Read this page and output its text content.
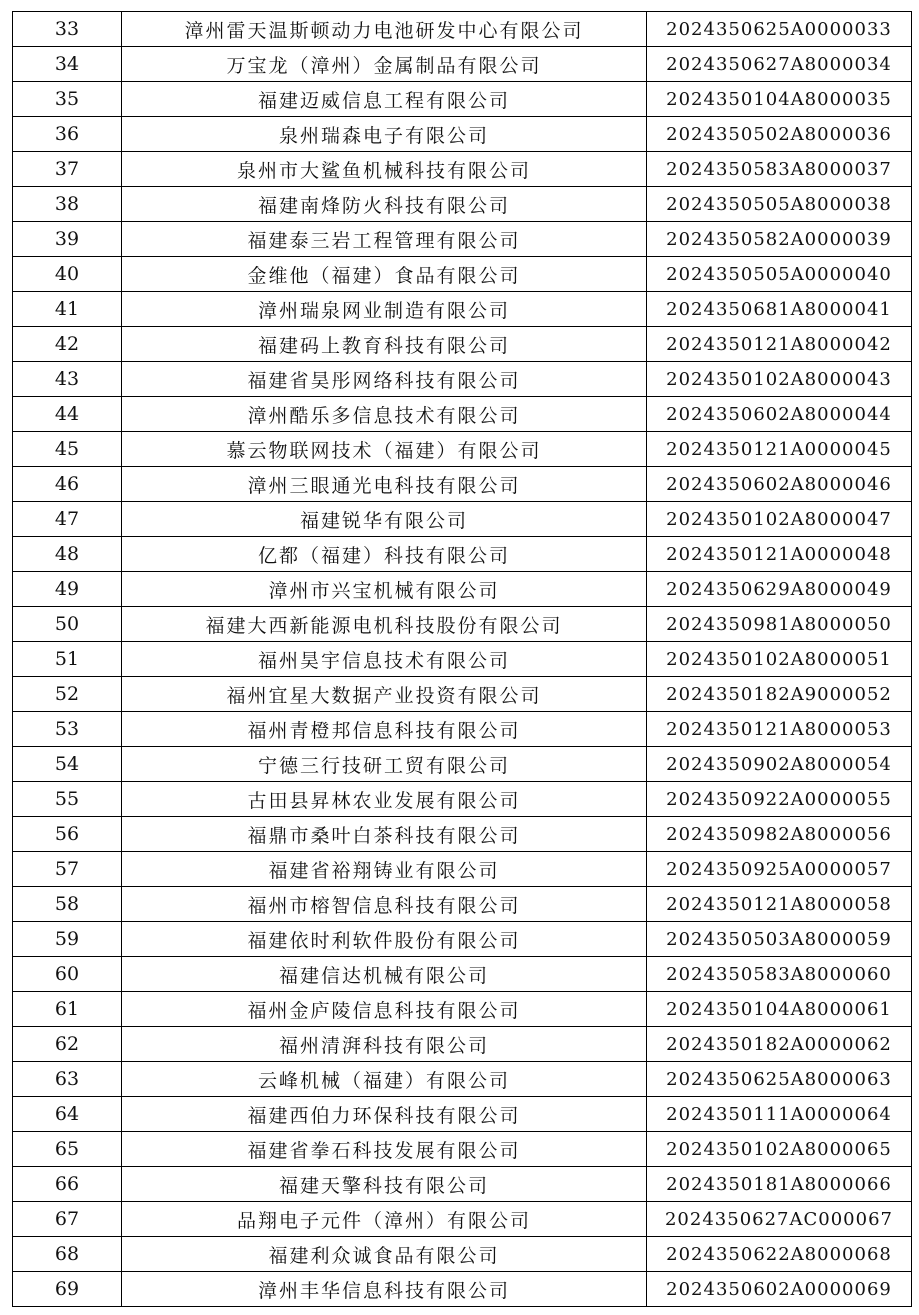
33	漳州雷天温斯顿动力电池研发中心有限公司	2024350625A0000033
34	万宝龙（漳州）金属制品有限公司	2024350627A8000034
35	福建迈威信息工程有限公司	2024350104A8000035
36	泉州瑞森电子有限公司	2024350502A8000036
37	泉州市大鲨鱼机械科技有限公司	2024350583A8000037
38	福建南烽防火科技有限公司	2024350505A8000038
39	福建泰三岩工程管理有限公司	2024350582A0000039
40	金维他（福建）食品有限公司	2024350505A0000040
41	漳州瑞泉网业制造有限公司	2024350681A8000041
42	福建码上教育科技有限公司	2024350121A8000042
43	福建省昊彤网络科技有限公司	2024350102A8000043
44	漳州酷乐多信息技术有限公司	2024350602A8000044
45	慕云物联网技术（福建）有限公司	2024350121A0000045
46	漳州三眼通光电科技有限公司	2024350602A8000046
47	福建锐华有限公司	2024350102A8000047
48	亿都（福建）科技有限公司	2024350121A0000048
49	漳州市兴宝机械有限公司	2024350629A8000049
50	福建大西新能源电机科技股份有限公司	2024350981A8000050
51	福州昊宇信息技术有限公司	2024350102A8000051
52	福州宜星大数据产业投资有限公司	2024350182A9000052
53	福州青橙邦信息科技有限公司	2024350121A8000053
54	宁德三行技研工贸有限公司	2024350902A8000054
55	古田县昇林农业发展有限公司	2024350922A0000055
56	福鼎市桑叶白茶科技有限公司	2024350982A8000056
57	福建省裕翔铸业有限公司	2024350925A0000057
58	福州市榕智信息科技有限公司	2024350121A8000058
59	福建依时利软件股份有限公司	2024350503A8000059
60	福建信达机械有限公司	2024350583A8000060
61	福州金庐陵信息科技有限公司	2024350104A8000061
62	福州清湃科技有限公司	2024350182A0000062
63	云峰机械（福建）有限公司	2024350625A8000063
64	福建西伯力环保科技有限公司	2024350111A0000064
65	福建省拳石科技发展有限公司	2024350102A8000065
66	福建天擎科技有限公司	2024350181A8000066
67	品翔电子元件（漳州）有限公司	2024350627AC000067
68	福建利众诚食品有限公司	2024350622A8000068
69	漳州丰华信息科技有限公司	2024350602A0000069
